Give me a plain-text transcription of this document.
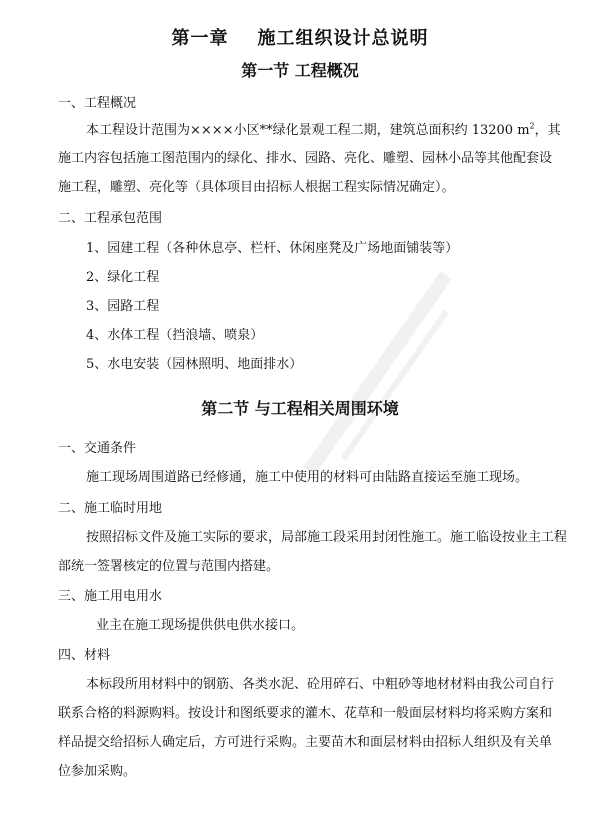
第一章    施工组织设计总说明
第一节 工程概况
一、工程概况
本工程设计范围为××××小区**绿化景观工程二期，建筑总面积约 13200 $m^2$，其
施工内容包括施工图范围内的绿化、排水、园路、亮化、雕塑、园林小品等其他配套设
施工程，雕塑、亮化等（具体项目由招标人根据工程实际情况确定）。
二、工程承包范围
1、园建工程（各种休息亭、栏杆、休闲座凳及广场地面铺装等）
2、绿化工程
3、园路工程
4、水体工程（挡浪墙、喷泉）
5、水电安装（园林照明、地面排水）
第二节 与工程相关周围环境
一、交通条件
施工现场周围道路已经修通，施工中使用的材料可由陆路直接运至施工现场。
二、施工临时用地
按照招标文件及施工实际的要求，局部施工段采用封闭性施工。施工临设按业主工程
部统一签署核定的位置与范围内搭建。
三、施工用电用水
业主在施工现场提供供电供水接口。
四、材料
本标段所用材料中的钢筋、各类水泥、砼用碎石、中粗砂等地材材料由我公司自行
联系合格的料源购料。按设计和图纸要求的灌木、花草和一般面层材料均将采购方案和
样品提交给招标人确定后，方可进行采购。主要苗木和面层材料由招标人组织及有关单
位参加采购。
